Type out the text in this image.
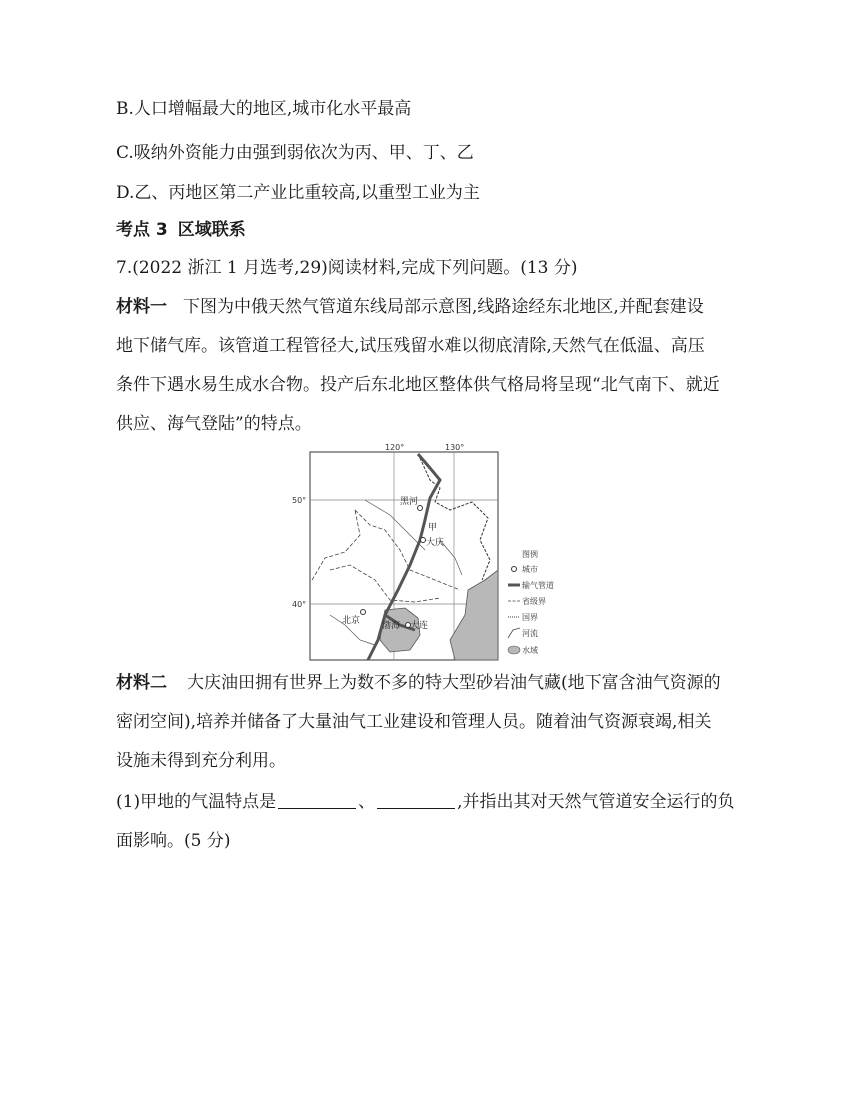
B.人口增幅最大的地区,城市化水平最高
C.吸纳外资能力由强到弱依次为丙、甲、丁、乙
D.乙、丙地区第二产业比重较高,以重型工业为主
考点 3 区域联系
7.(2022 浙江 1 月选考,29)阅读材料,完成下列问题。(13 分)
材料一 下图为中俄天然气管道东线局部示意图,线路途经东北地区,并配套建设
地下储气库。该管道工程管径大,试压残留水难以彻底清除,天然气在低温、高压
条件下遇水易生成水合物。投产后东北地区整体供气格局将呈现“北气南下、就近
供应、海气登陆”的特点。
120°	130°
50°
40°
黑河
甲
大庆
北京 渤海 大连
图例
城市
输气管道
省级界
国界
河流
水域
材料二 大庆油田拥有世界上为数不多的特大型砂岩油气藏(地下富含油气资源的
密闭空间),培养并储备了大量油气工业建设和管理人员。随着油气资源衰竭,相关
设施未得到充分利用。
(1)甲地的气温特点是	、	,并指出其对天然气管道安全运行的负
面影响。(5 分)
